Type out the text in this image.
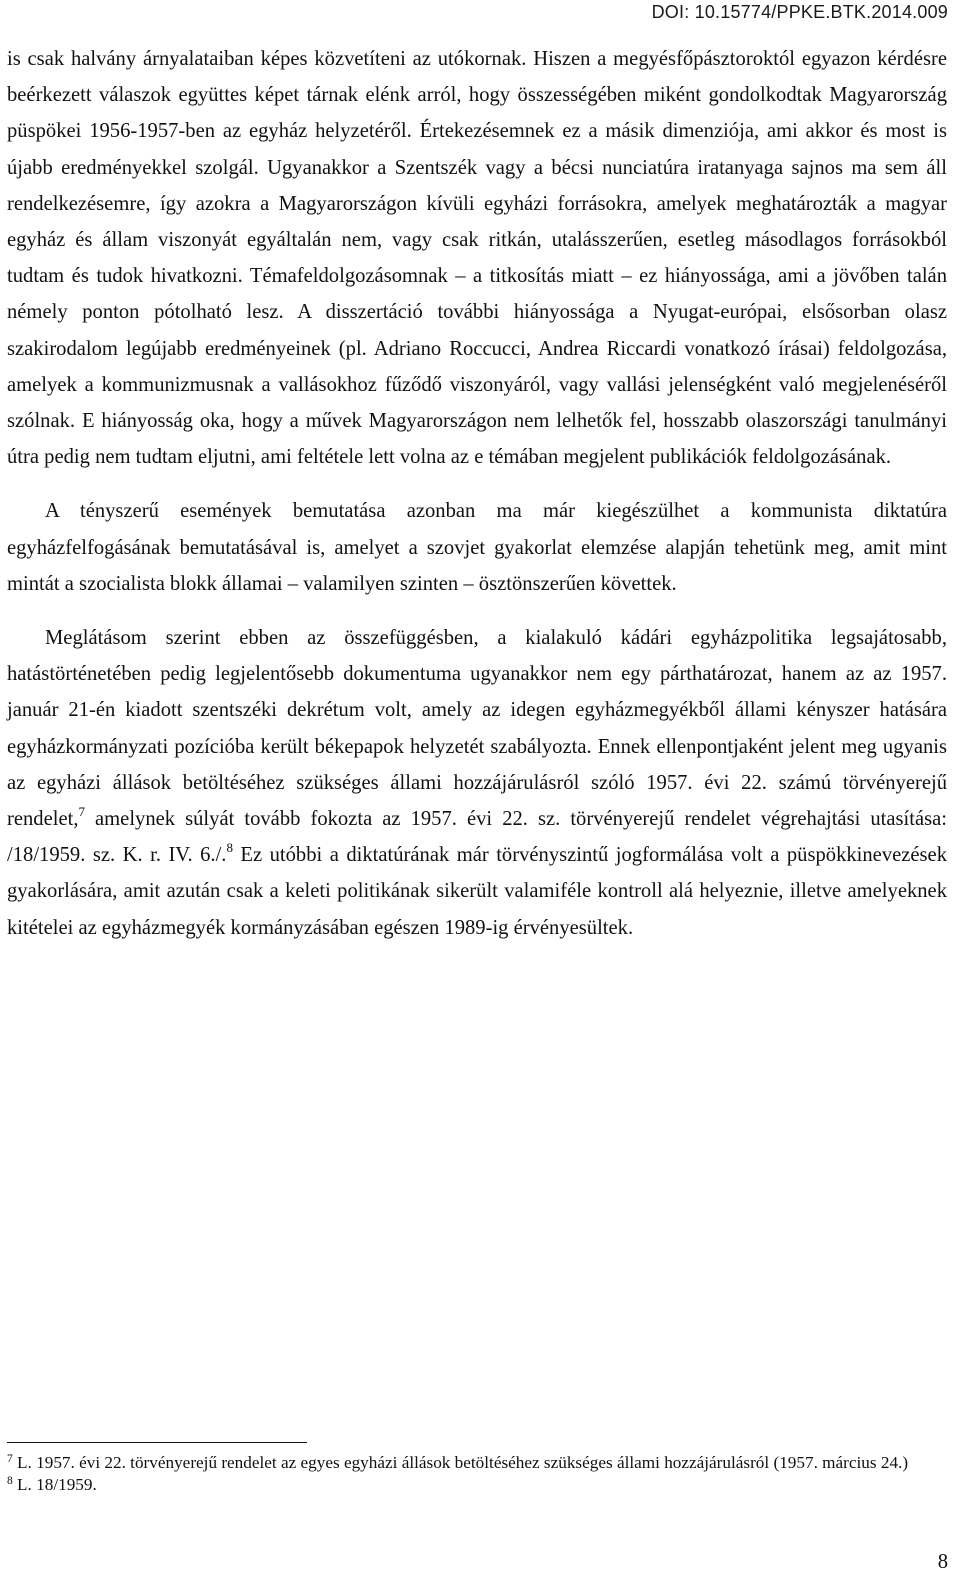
DOI: 10.15774/PPKE.BTK.2014.009

is csak halvány árnyalataiban képes közvetíteni az utókornak. Hiszen a megyésfőpásztoroktól egyazon kérdésre beérkezett válaszok együttes képet tárnak elénk arról, hogy összességében miként gondolkodtak Magyarország püspökei 1956-1957-ben az egyház helyzetéről. Értekezésemnek ez a másik dimenziója, ami akkor és most is újabb eredményekkel szolgál. Ugyanakkor a Szentszék vagy a bécsi nunciatúra iratanyaga sajnos ma sem áll rendelkezésemre, így azokra a Magyarországon kívüli egyházi forrásokra, amelyek meghatározták a magyar egyház és állam viszonyát egyáltalán nem, vagy csak ritkán, utalásszerűen, esetleg másodlagos forrásokból tudtam és tudok hivatkozni. Témafeldolgozásomnak – a titkosítás miatt – ez hiányossága, ami a jövőben talán némely ponton pótolható lesz. A disszertáció további hiányossága a Nyugat-európai, elsősorban olasz szakirodalom legújabb eredményeinek (pl. Adriano Roccucci, Andrea Riccardi vonatkozó írásai) feldolgozása, amelyek a kommunizmusnak a vallásokhoz fűződő viszonyáról, vagy vallási jelenségként való megjelenéséről szólnak. E hiányosság oka, hogy a művek Magyarországon nem lelhetők fel, hosszabb olaszországi tanulmányi útra pedig nem tudtam eljutni, ami feltétele lett volna az e témában megjelent publikációk feldolgozásának.

A tényszerű események bemutatása azonban ma már kiegészülhet a kommunista diktatúra egyházfelfogásának bemutatásával is, amelyet a szovjet gyakorlat elemzése alapján tehetünk meg, amit mint mintát a szocialista blokk államai – valamilyen szinten – ösztönszerűen követtek.

Meglátásom szerint ebben az összefüggésben, a kialakuló kádári egyházpolitika legsajátosabb, hatástörténetében pedig legjelentősebb dokumentuma ugyanakkor nem egy párthatározat, hanem az az 1957. január 21-én kiadott szentszéki dekrétum volt, amely az idegen egyházmegyékből állami kényszer hatására egyházkormányzati pozícióba került békepapok helyzetét szabályozta. Ennek ellenpontjaként jelent meg ugyanis az egyházi állások betöltéséhez szükséges állami hozzájárulásról szóló 1957. évi 22. számú törvényerejű rendelet,$^7$ amelynek súlyát tovább fokozta az 1957. évi 22. sz. törvényerejű rendelet végrehajtási utasítása: /18/1959. sz. K. r. IV. 6./.$^8$ Ez utóbbi a diktatúrának már törvényszintű jogformálása volt a püspökkinevezések gyakorlására, amit azután csak a keleti politikának sikerült valamiféle kontroll alá helyeznie, illetve amelyeknek kitételei az egyházmegyék kormányzásában egészen 1989-ig érvényesültek.

$^7$ L. 1957. évi 22. törvényerejű rendelet az egyes egyházi állások betöltéséhez szükséges állami hozzájárulásról (1957. március 24.)

$^8$ L. 18/1959.

8
